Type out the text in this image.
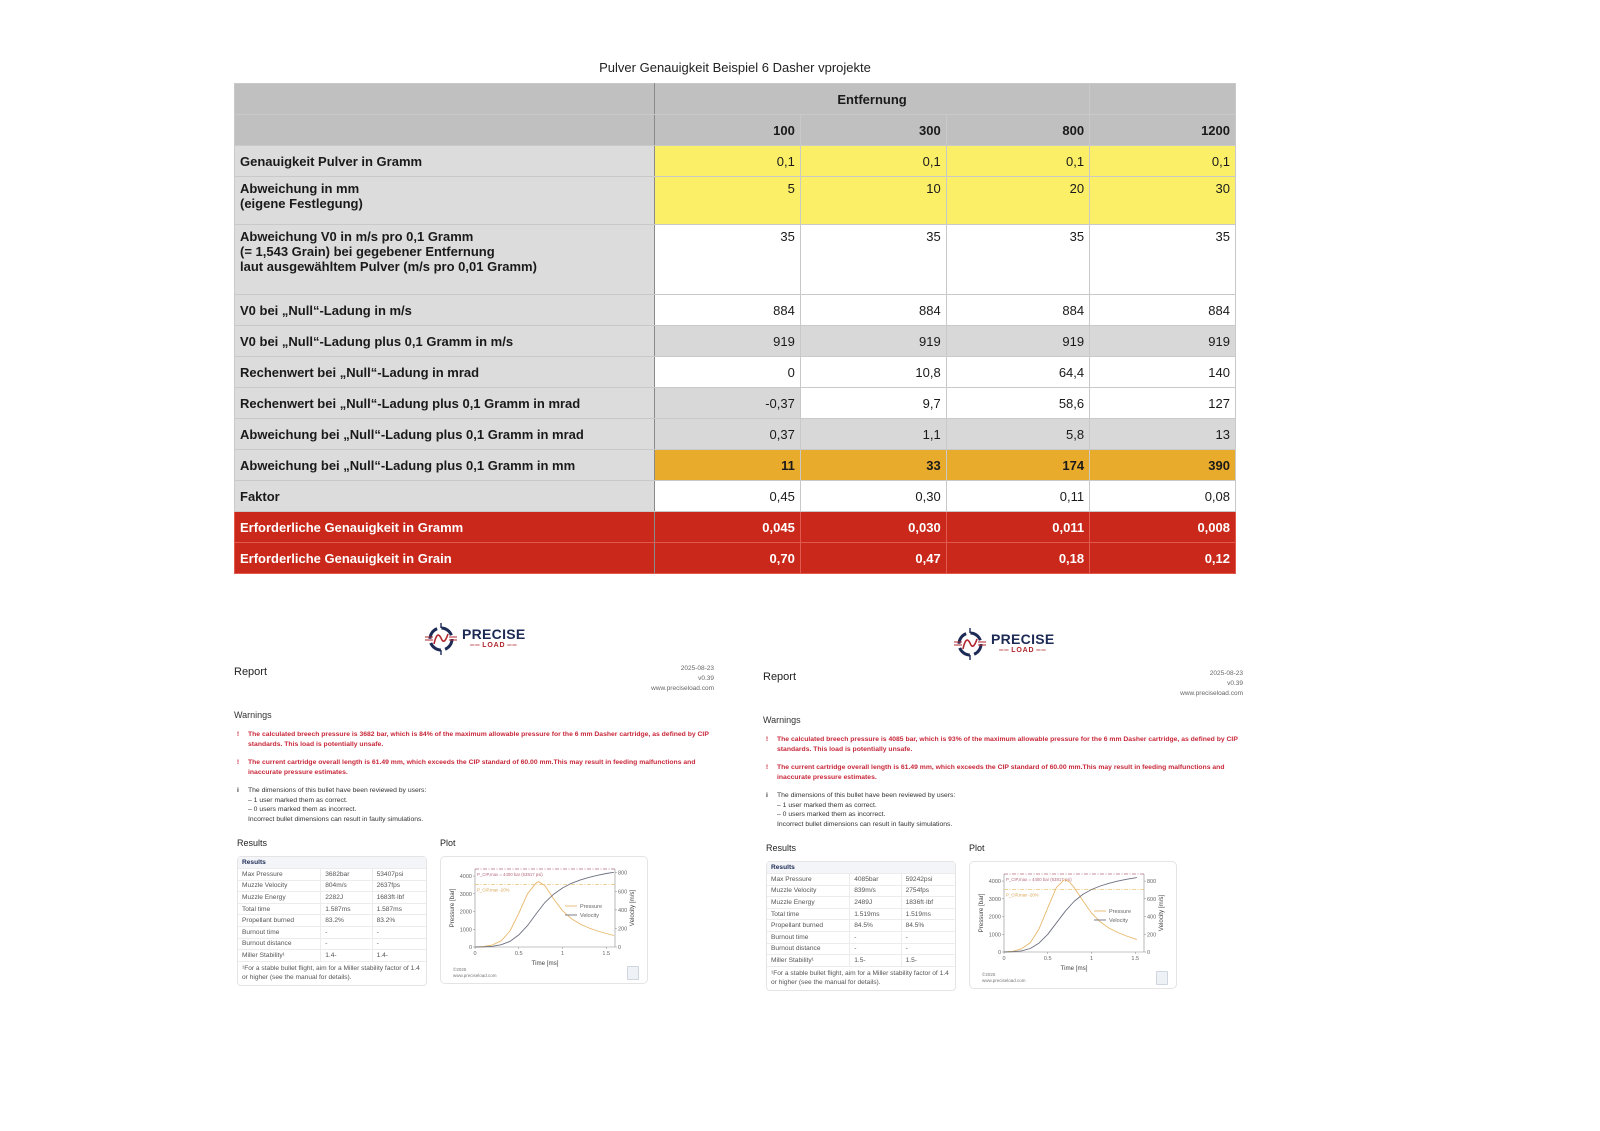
Pulver Genauigkeit Beispiel 6 Dasher vprojekte
	Entfernung			
	100	300	800	1200
Genauigkeit Pulver in Gramm	0,1	0,1	0,1	0,1
Abweichung in mm
(eigene Festlegung)	5	10	20	30
Abweichung V0 in m/s pro 0,1 Gramm
(= 1,543 Grain) bei gegebener Entfernung
laut ausgewähltem Pulver (m/s pro 0,01 Gramm)	35	35	35	35
V0 bei „Null“-Ladung in m/s	884	884	884	884
V0 bei „Null“-Ladung plus 0,1 Gramm in m/s	919	919	919	919
Rechenwert bei „Null“-Ladung in mrad	0	10,8	64,4	140
Rechenwert bei „Null“-Ladung plus 0,1 Gramm in mrad	-0,37	9,7	58,6	127
Abweichung bei „Null“-Ladung plus 0,1 Gramm in mrad	0,37	1,1	5,8	13
Abweichung bei „Null“-Ladung plus 0,1 Gramm in mm	11	33	174	390
Faktor	0,45	0,30	0,11	0,08
Erforderliche Genauigkeit in Gramm	0,045	0,030	0,011	0,008
Erforderliche Genauigkeit in Grain	0,70	0,47	0,18	0,12
PRECISE
══ LOAD ══
Report	2025-08-23
v0.39
www.preciseload.com
Warnings
!	The calculated breech pressure is 3682 bar, which is 84% of the maximum allowable pressure for the 6 mm Dasher cartridge, as defined by CIP standards. This load is potentially unsafe.
!	The current cartridge overall length is 61.49 mm, which exceeds the CIP standard of 60.00 mm.This may result in feeding malfunctions and inaccurate pressure estimates.
i	The dimensions of this bullet have been reviewed by users:
– 1 user marked them as correct.
– 0 users marked them as incorrect.
Incorrect bullet dimensions can result in faulty simulations.
Results	Plot
Results		
Max Pressure	3682bar	53407psi
Muzzle Velocity	804m/s	2637fps
Muzzle Energy	2282J	1683ft·lbf
Total time	1.587ms	1.587ms
Propellant burned	83.2%	83.2%
Burnout time	-	-
Burnout distance	-	-
Miller Stability¹	1.4-	1.4-
¹For a stable bullet flight, aim for a Miller stability factor of 1.4 or higher (see the manual for details).
P_CIP,max = 4400 bar (63817 psi)
P_CIP,max -20%
0	0.5	1	1.5
0
1000
2000
3000
4000
0
200
400
600
800
Time [ms]
Pressure [bar]	Velocity [m/s]
Pressure
Velocity
©2025
www.preciseload.com
PRECISE
══ LOAD ══
Report	2025-08-23
v0.39
www.preciseload.com
Warnings
!	The calculated breech pressure is 4085 bar, which is 93% of the maximum allowable pressure for the 6 mm Dasher cartridge, as defined by CIP standards. This load is potentially unsafe.
!	The current cartridge overall length is 61.49 mm, which exceeds the CIP standard of 60.00 mm.This may result in feeding malfunctions and inaccurate pressure estimates.
i	The dimensions of this bullet have been reviewed by users:
– 1 user marked them as correct.
– 0 users marked them as incorrect.
Incorrect bullet dimensions can result in faulty simulations.
Results	Plot
Results		
Max Pressure	4085bar	59242psi
Muzzle Velocity	839m/s	2754fps
Muzzle Energy	2489J	1836ft·lbf
Total time	1.519ms	1.519ms
Propellant burned	84.5%	84.5%
Burnout time	-	-
Burnout distance	-	-
Miller Stability¹	1.5-	1.5-
¹For a stable bullet flight, aim for a Miller stability factor of 1.4 or higher (see the manual for details).
P_CIP,max = 4400 bar (63817 psi)
P_CIP,max -20%
0	0.5	1	1.5
0
1000
2000
3000
4000
0
200
400
600
800
Time [ms]
Pressure [bar]	Velocity [m/s]
Pressure
Velocity
©2025
www.preciseload.com
